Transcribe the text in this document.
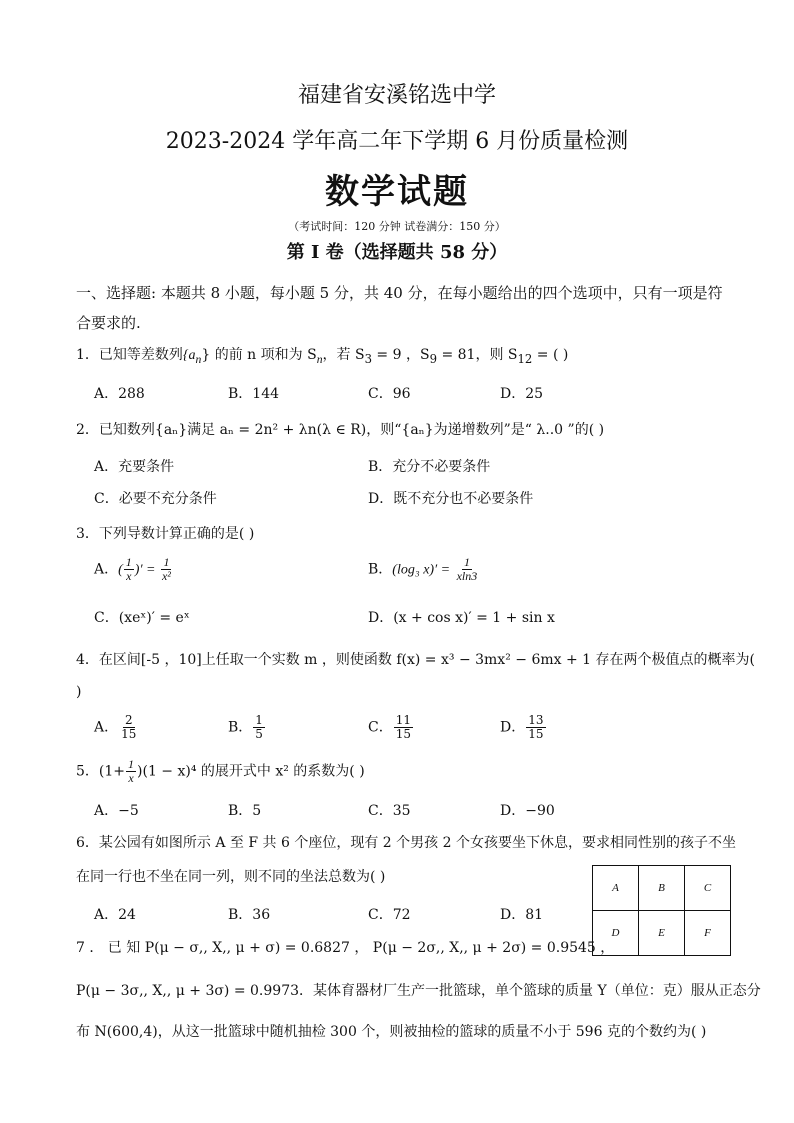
福建省安溪铭选中学
2023-2024 学年高二年下学期 6 月份质量检测
数学试题
（考试时间：120 分钟 试卷满分：150 分）
第 I 卷（选择题共 58 分）
一、选择题: 本题共 8 小题，每小题 5 分，共 40 分，在每小题给出的四个选项中，只有一项是符合要求的.
1．已知等差数列$\{a_n\}$ 的前 n 项和为 $S_n$，若 $S_3 = 9$ ，$S_9 = 81$，则 $S_{12}$ = ( )
A．288	B．144	C．96	D．25
2．已知数列{aₙ}满足 aₙ = 2n² + λn(λ ∈ R)，则“{aₙ}为递增数列”是“ λ..0 ”的( )
A．充要条件	B．充分不必要条件
C．必要不充分条件	D．既不充分也不必要条件
3．下列导数计算正确的是( )
A．( $\frac{1}{x}$ )′ = $\frac{1}{\text{x²}}$	B．(log₃ $x)' = \frac{1}{xln3}$
C．(xeˣ)′ = eˣ	D．(x + cos x)′ = 1 + sin x
4．在区间[-5 ，10]上任取一个实数 m ，则使函数 f(x) = x³ − 3mx² − 6mx + 1 存在两个极值点的概率为(
)
A． $\frac{2}{15}$	B． $\frac{1}{5}$	C． $\frac{11}{15}$	D． $\frac{13}{15}$
5．$(1+ \frac{1}{x} )(1 - x)^4$ 的展开式中 x² 的系数为( )
A．−5	B．5	C．35	D．−90
6．某公园有如图所示 A 至 F 共 6 个座位，现有 2 个男孩 2 个女孩要坐下休息，要求相同性别的孩子不坐
在同一行也不坐在同一列，则不同的坐法总数为( )
A．24	B．36	C．72	D．81
A	B	C
D	E	F
7 ． 已 知 P(μ − σ,, X,, μ + σ) = 0.6827 ， P(μ − 2σ,, X,, μ + 2σ) = 0.9545 ，
P(μ − 3σ,, X,, μ + 3σ) = 0.9973．某体育器材厂生产一批篮球，单个篮球的质量 Y（单位：克）服从正态分
布 N(600,4)，从这一批篮球中随机抽检 300 个，则被抽检的篮球的质量不小于 596 克的个数约为( )
